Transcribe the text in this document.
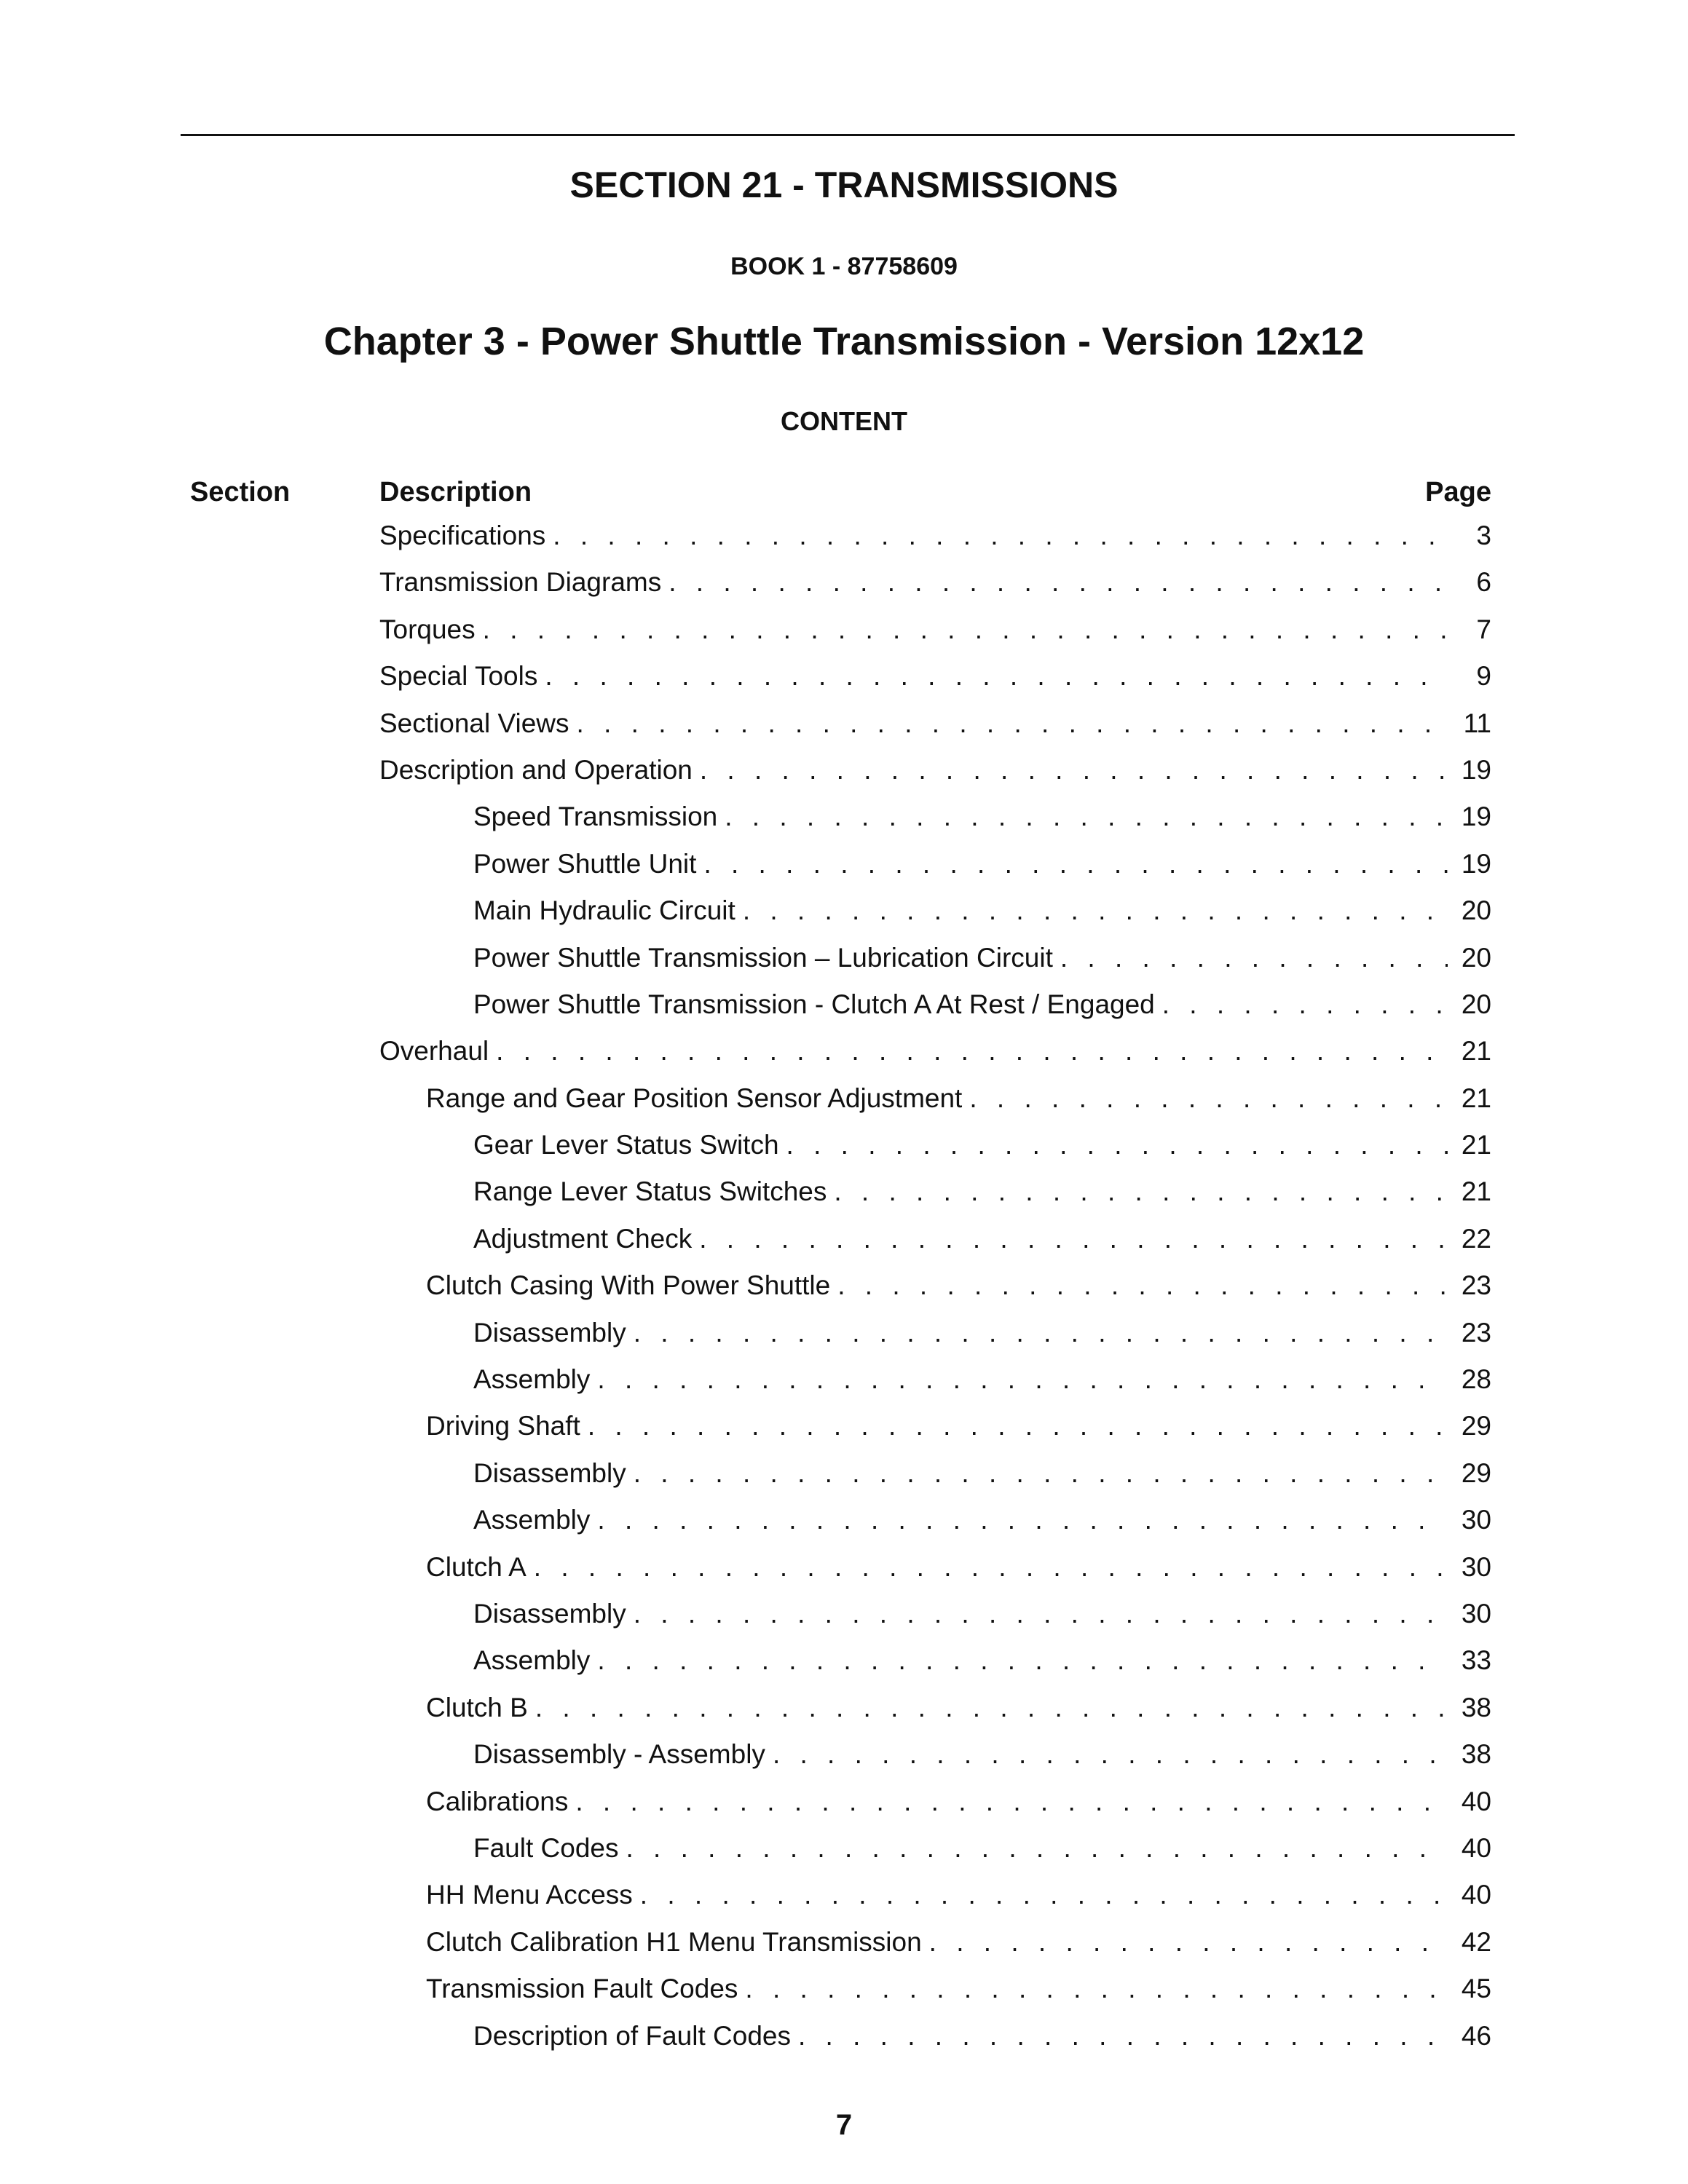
SECTION 21 - TRANSMISSIONS
BOOK 1 - 87758609
Chapter 3 - Power Shuttle Transmission - Version 12x12
CONTENT
Section	Description	Page
Specifications . . .	3
Transmission Diagrams . . .	6
Torques . . .	7
Special Tools . . .	9
Sectional Views . . .	11
Description and Operation . . .	19
Speed Transmission . . .	19
Power Shuttle Unit . . .	19
Main Hydraulic Circuit . . .	20
Power Shuttle Transmission – Lubrication Circuit . . .	20
Power Shuttle Transmission - Clutch A At Rest / Engaged . . .	20
Overhaul . . .	21
Range and Gear Position Sensor Adjustment . . .	21
Gear Lever Status Switch . . .	21
Range Lever Status Switches . . .	21
Adjustment Check . . .	22
Clutch Casing With Power Shuttle . . .	23
Disassembly . . .	23
Assembly . . .	28
Driving Shaft . . .	29
Disassembly . . .	29
Assembly . . .	30
Clutch A . . .	30
Disassembly . . .	30
Assembly . . .	33
Clutch B . . .	38
Disassembly - Assembly . . .	38
Calibrations . . .	40
Fault Codes . . .	40
HH Menu Access . . .	40
Clutch Calibration H1 Menu Transmission . . .	42
Transmission Fault Codes . . .	45
Description of Fault Codes . . .	46
7
